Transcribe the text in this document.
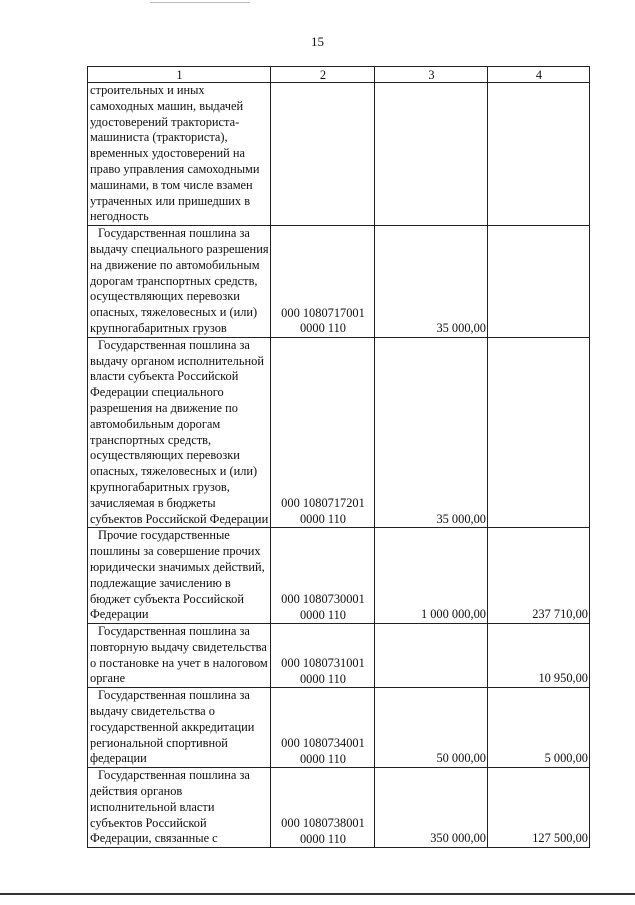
15
1	2	3	4
строительных и иных самоходных машин, выдачей удостоверений тракториста-машиниста (тракториста), временных удостоверений на право управления самоходными машинами, в том числе взамен утраченных или пришедших в негодность			
Государственная пошлина за выдачу специального разрешения на движение по автомобильным дорогам транспортных средств, осуществляющих перевозки опасных, тяжеловесных и (или) крупногабаритных грузов	000 1080717001 0000 110	35 000,00	
Государственная пошлина за выдачу органом исполнительной власти субъекта Российской Федерации специального разрешения на движение по автомобильным дорогам транспортных средств, осуществляющих перевозки опасных, тяжеловесных и (или) крупногабаритных грузов, зачисляемая в бюджеты субъектов Российской Федерации	000 1080717201 0000 110	35 000,00	
Прочие государственные пошлины за совершение прочих юридически значимых действий, подлежащие зачислению в бюджет субъекта Российской Федерации	000 1080730001 0000 110	1 000 000,00	237 710,00
Государственная пошлина за повторную выдачу свидетельства о постановке на учет в налоговом органе	000 1080731001 0000 110		10 950,00
Государственная пошлина за выдачу свидетельства о государственной аккредитации региональной спортивной федерации	000 1080734001 0000 110	50 000,00	5 000,00
Государственная пошлина за действия органов исполнительной власти субъектов Российской Федерации, связанные с	000 1080738001 0000 110	350 000,00	127 500,00
